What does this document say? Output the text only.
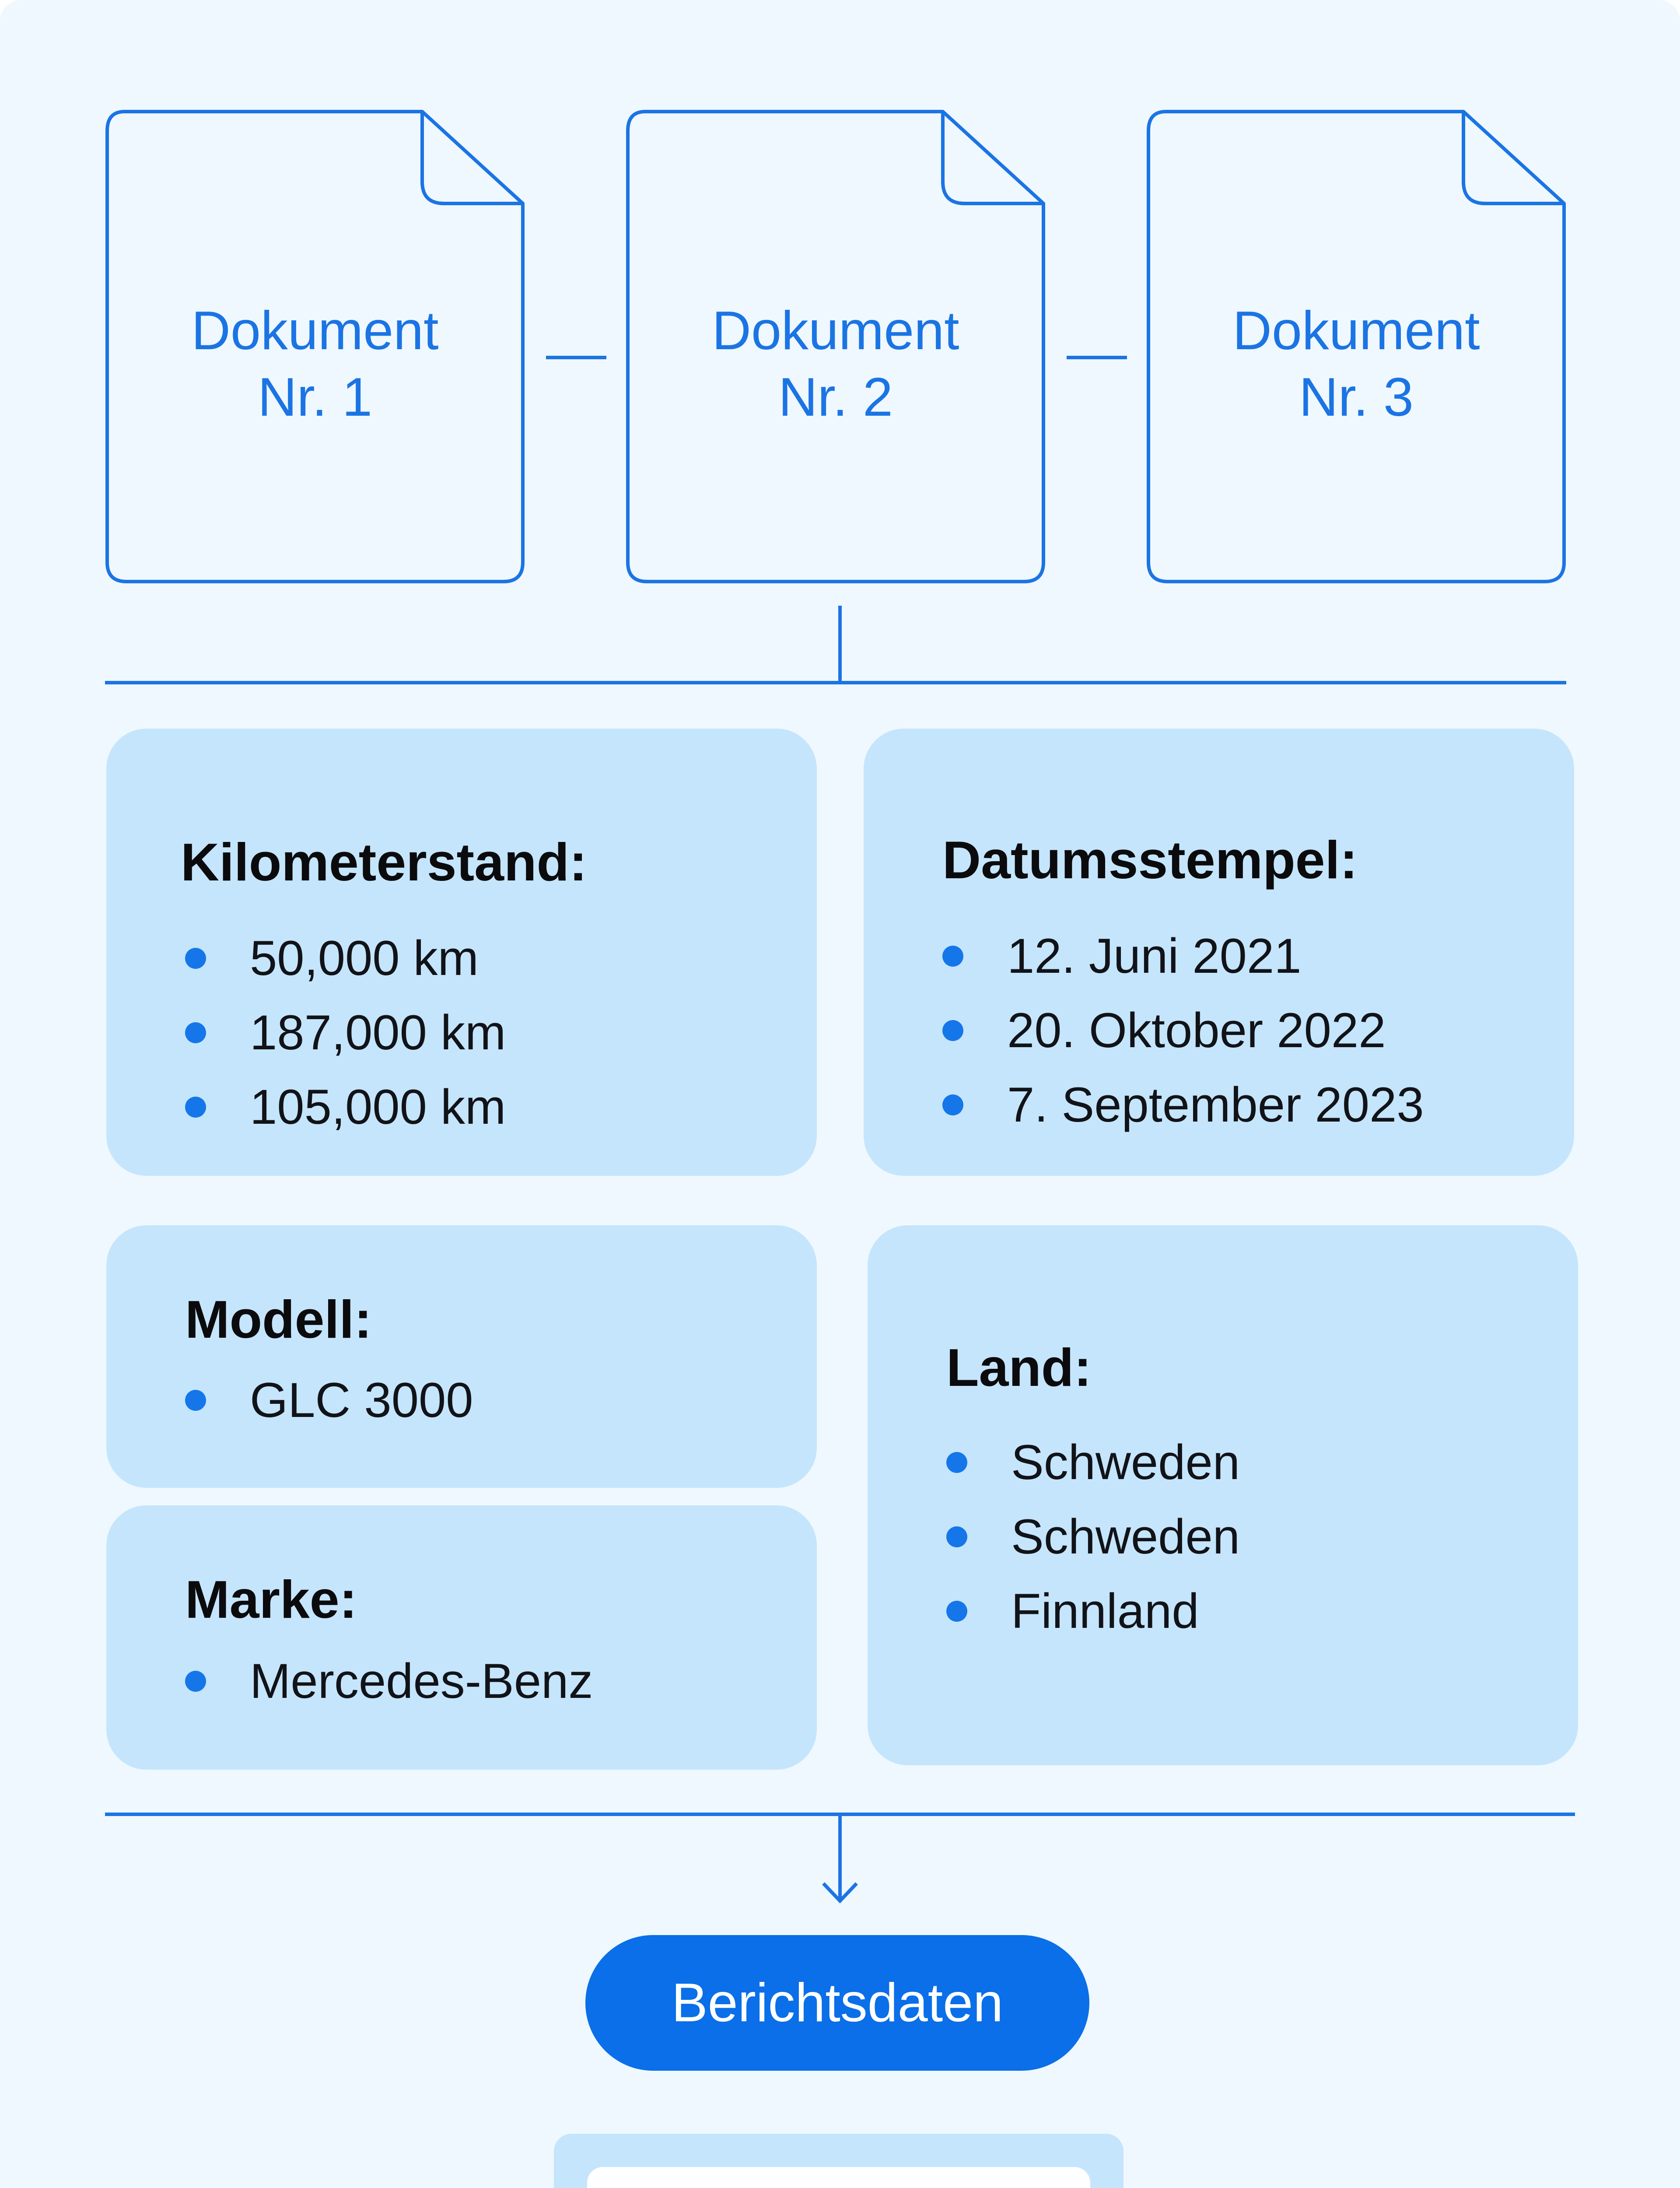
Dokument
Nr. 1

Dokument
Nr. 2

Dokument
Nr. 3

Kilometerstand:

50,000 km
187,000 km
105,000 km

Datumsstempel:

12. Juni 2021
20. Oktober 2022
7. September 2023

Modell:

GLC 3000

Marke:

Mercedes-Benz

Land:

Schweden
Schweden
Finnland
Berichtsdaten
